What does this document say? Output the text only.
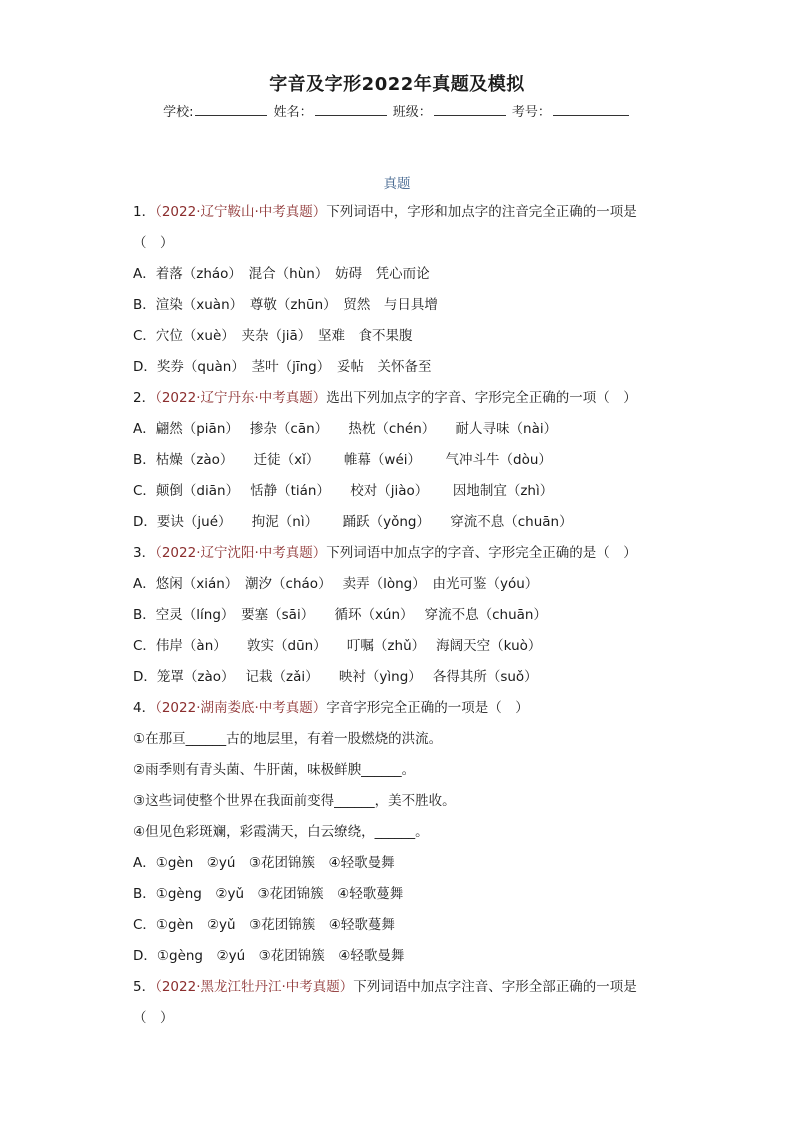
字音及字形2022年真题及模拟
学校:	姓名：	班级：	考号：
真题
1．（2022·辽宁鞍山·中考真题）下列词语中，字形和加点字的注音完全正确的一项是
（　）
A．着落（zháo）　混合（hùn）　妨碍　凭心而论
B．渲染（xuàn）　尊敬（zhūn）　贸然　与日具增
C．穴位（xuè）　夹杂（jiā）　坚难　食不果腹
D．奖券（quàn）　茎叶（jīng）　妥帖　关怀备至
2．（2022·辽宁丹东·中考真题）选出下列加点字的字音、字形完全正确的一项（　）
A．翩然（piān）　 掺杂（cān）　　热枕（chén）　　耐人寻味（nài）
B．枯燥（zào）　　迁徒（xǐ）　　 帷幕（wéi）　　 气冲斗牛（dòu）
C．颠倒（diān）　 恬静（tián）　　校对（jiào）　　 因地制宜（zhì）
D．要诀（jué）　　拘泥（nì）　　 踊跃（yǒng）　　穿流不息（chuān）
3．（2022·辽宁沈阳·中考真题）下列词语中加点字的字音、字形完全正确的是（　）
A．悠闲（xián）　潮汐（cháo）　 卖弄（lòng）　由光可鉴（yóu）
B．空灵（líng）　要塞（sāi）　　循环（xún）　 穿流不息（chuān）
C．伟岸（àn）　　敦实（dūn）　　叮嘱（zhǔ）　 海阔天空（kuò）
D．笼罩（zào）　 记栽（zǎi）　　映衬（yìng）　 各得其所（suǒ）
4．（2022·湖南娄底·中考真题）字音字形完全正确的一项是（　）
①在那亘______古的地层里，有着一股燃烧的洪流。
②雨季则有青头菌、牛肝菌，味极鲜腴______。
③这些词使整个世界在我面前变得______，美不胜收。
④但见色彩斑斓，彩霞满天，白云缭绕，______。
A．①gèn　②yú　③花团锦簇　④轻歌曼舞
B．①gèng　②yǔ　③花团锦簇　④轻歌蔓舞
C．①gèn　②yǔ　③花团锦簇　④轻歌蔓舞
D．①gèng　②yú　③花团锦簇　④轻歌曼舞
5．（2022·黑龙江牡丹江·中考真题）下列词语中加点字注音、字形全部正确的一项是
（　）
